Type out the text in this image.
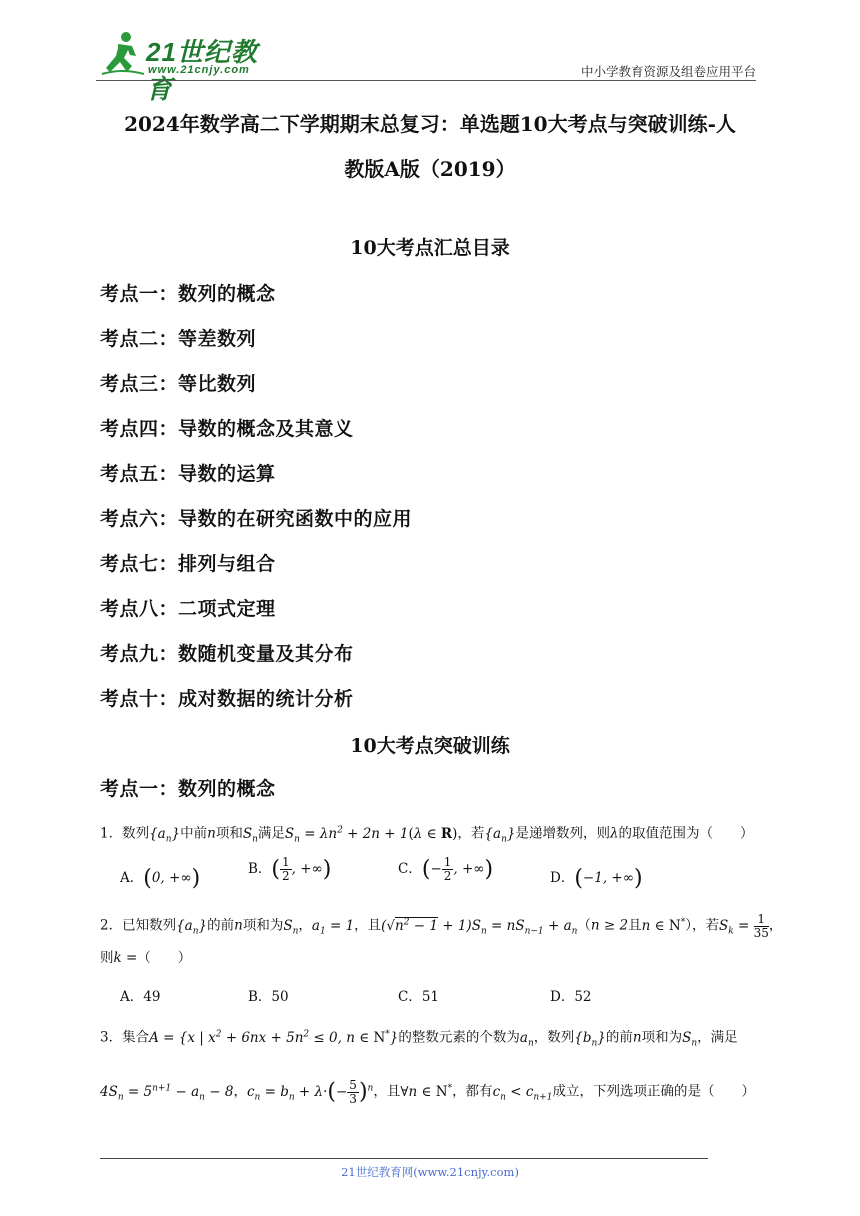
21世纪教育
www.21cnjy.com	中小学教育资源及组卷应用平台
2024年数学高二下学期期末总复习：单选题10大考点与突破训练-人
教版A版（2019）
10大考点汇总目录
考点一：数列的概念
考点二：等差数列
考点三：等比数列
考点四：导数的概念及其意义
考点五：导数的运算
考点六：导数的在研究函数中的应用
考点七：排列与组合
考点八：二项式定理
考点九：数随机变量及其分布
考点十：成对数据的统计分析
10大考点突破训练
考点一：数列的概念
1．数列$\{a_n\}$中前n项和$S_n$满足$S_n = \lambda n^2 + 2n + 1(\lambda$ ∈ R)，若$\{a_n\}$是递增数列，则λ的取值范围为（　　）
A．(0, +∞)	B．( $\frac{1}{2}$ , +∞)	C．(− $\frac{1}{2}$ , +∞)	D．(−1, +∞)
2．已知数列$\{a_n\}$的前n项和为$S_n$，$a_1 = 1$，且$(√n^2 - 1 + 1)S_n = nS_{n-1} + a_n(n \ge 2$且n ∈ N*），若$S_k = \frac{1}{35}$ ，
则k =（　　）
A．49	B．50	C．51	D．52
3．集合A = {x | $x^2 + 6nx + 5n^2 \le 0$, n ∈ N*}的整数元素的个数为$a_n$，数列$\{b_n\}$的前n项和为$S_n$，满足
$4S_n = 5^{n+1} - a_n - 8$，$c_n = b_n + \lambda\cdot(- \frac{5}{3} )^n$，且∀n ∈ N*，都有$c_n < c_{n+1}$成立，下列选项正确的是（　　）
21世纪教育网(www.21cnjy.com)
